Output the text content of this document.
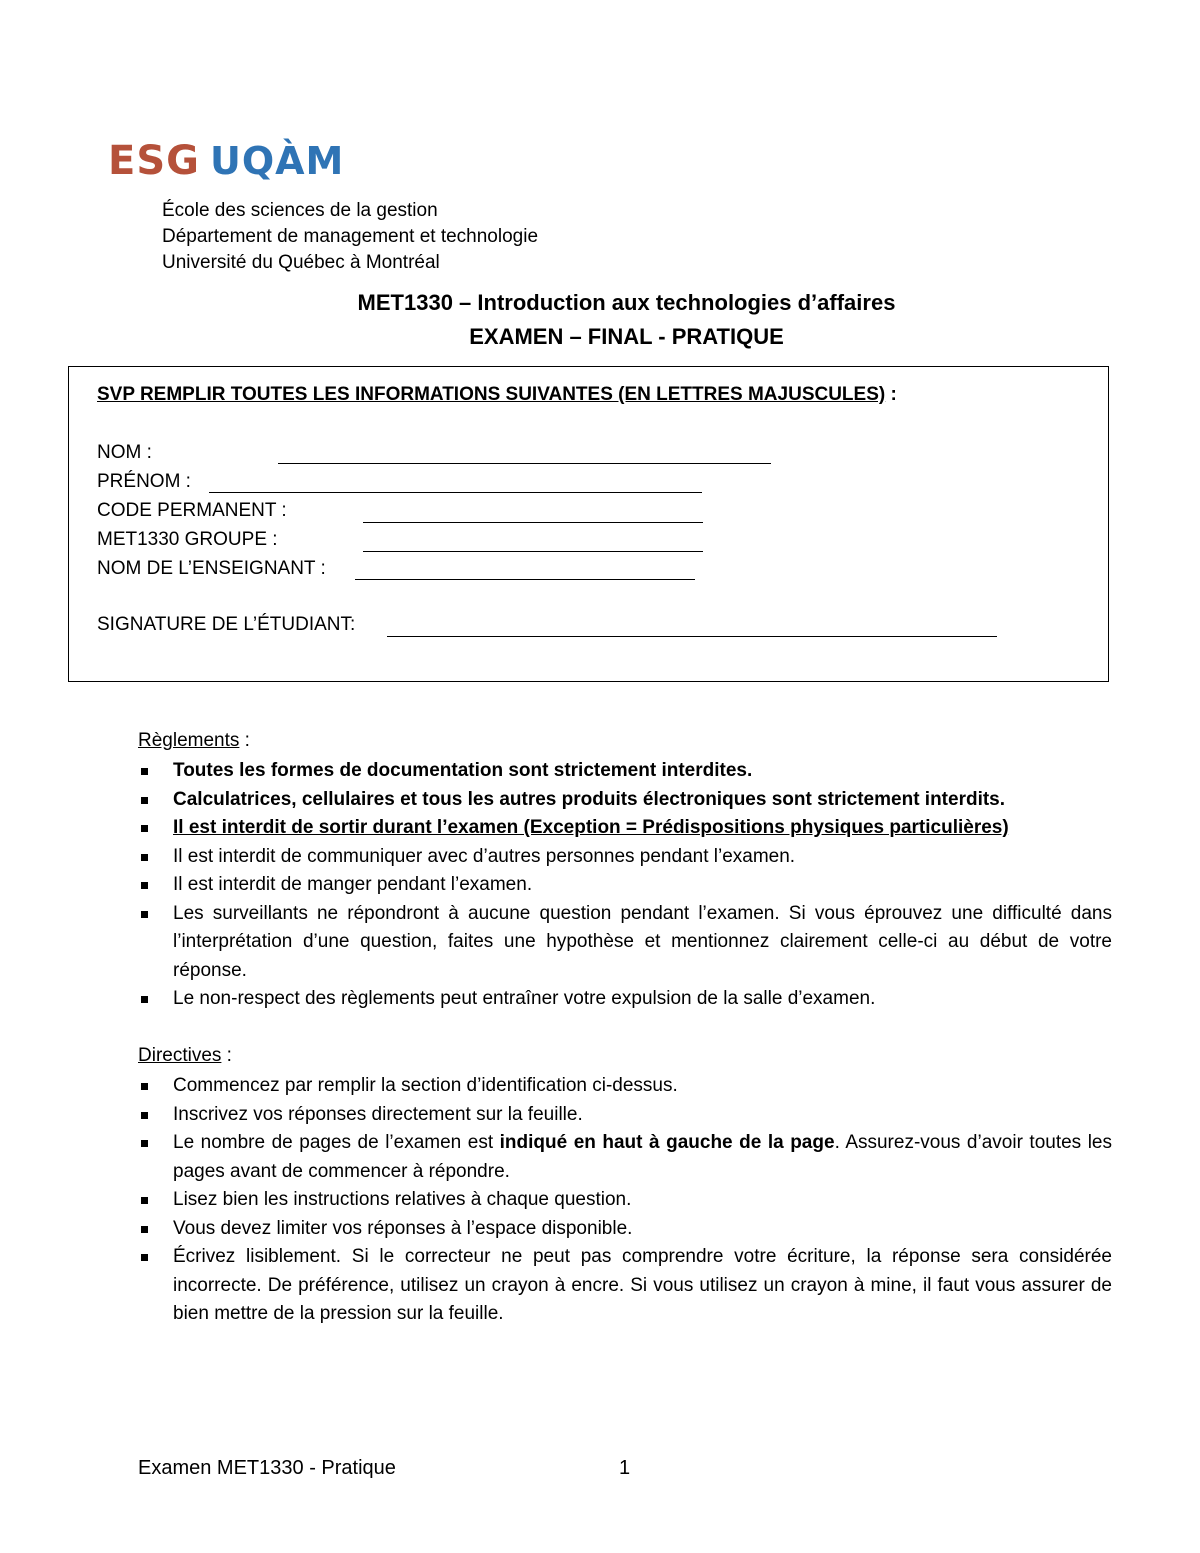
ESG UQÀM
École des sciences de la gestion
Département de management et technologie
Université du Québec à Montréal
MET1330 – Introduction aux technologies d’affaires
EXAMEN – FINAL - PRATIQUE
SVP REMPLIR TOUTES LES INFORMATIONS SUIVANTES (EN LETTRES MAJUSCULES) :
NOM :
PRÉNOM :
CODE PERMANENT :
MET1330 GROUPE :
NOM DE L’ENSEIGNANT :
SIGNATURE DE L’ÉTUDIANT:
Règlements :
Toutes les formes de documentation sont strictement interdites.
Calculatrices, cellulaires et tous les autres produits électroniques sont strictement interdits.
Il est interdit de sortir durant l’examen (Exception = Prédispositions physiques particulières)
Il est interdit de communiquer avec d’autres personnes pendant l’examen.
Il est interdit de manger pendant l’examen.
Les surveillants ne répondront à aucune question pendant l’examen. Si vous éprouvez une difficulté dans l’interprétation d’une question, faites une hypothèse et mentionnez clairement celle-ci au début de votre réponse.
Le non-respect des règlements peut entraîner votre expulsion de la salle d’examen.
Directives :
Commencez par remplir la section d’identification ci-dessus.
Inscrivez vos réponses directement sur la feuille.
Le nombre de pages de l’examen est indiqué en haut à gauche de la page. Assurez-vous d’avoir toutes les pages avant de commencer à répondre.
Lisez bien les instructions relatives à chaque question.
Vous devez limiter vos réponses à l’espace disponible.
Écrivez lisiblement. Si le correcteur ne peut pas comprendre votre écriture, la réponse sera considérée incorrecte. De préférence, utilisez un crayon à encre. Si vous utilisez un crayon à mine, il faut vous assurer de bien mettre de la pression sur la feuille.
Examen MET1330 - Pratique	1
